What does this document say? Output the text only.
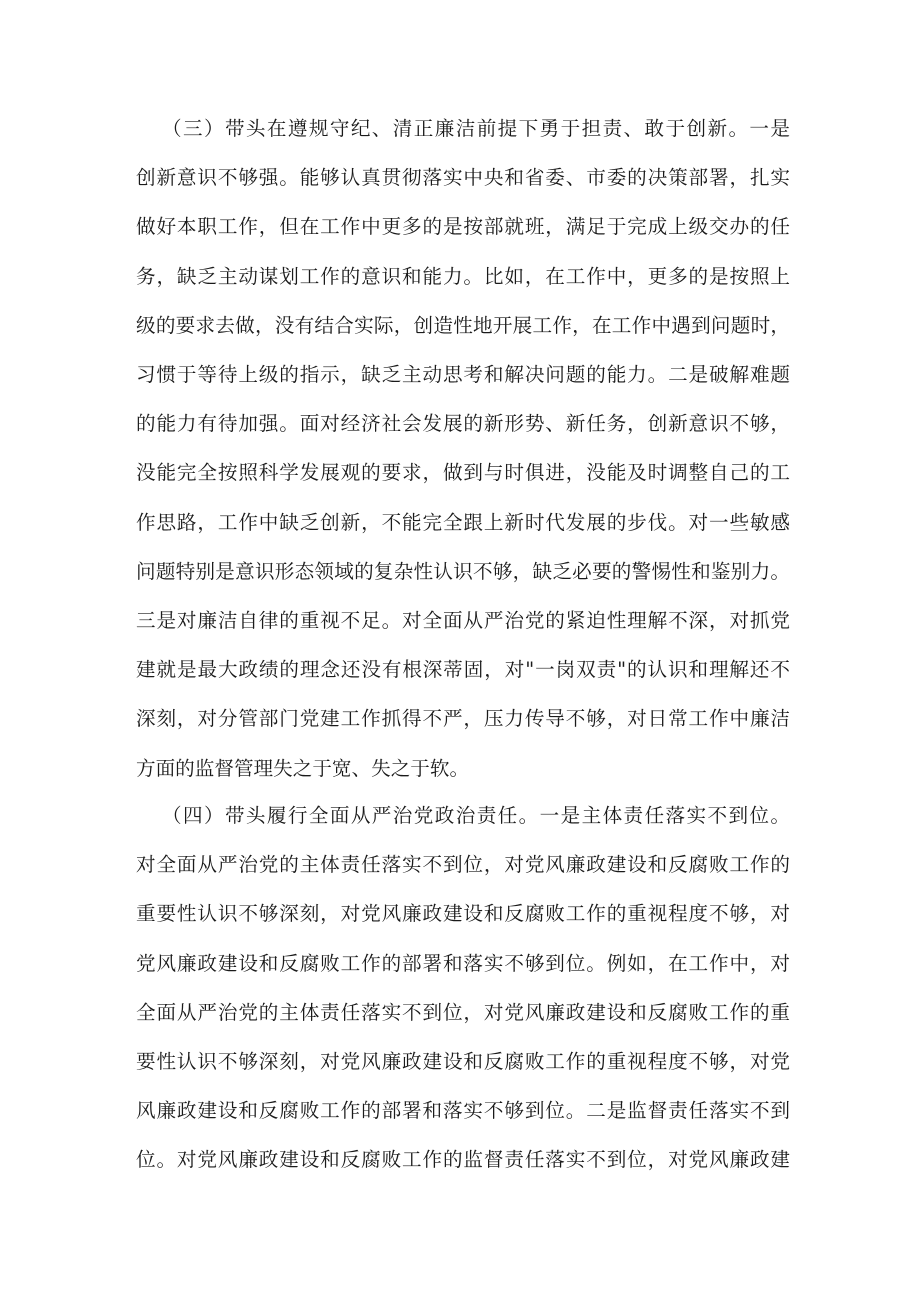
（三）带头在遵规守纪、清正廉洁前提下勇于担责、敢于创新。一是
创新意识不够强。能够认真贯彻落实中央和省委、市委的决策部署，扎实
做好本职工作，但在工作中更多的是按部就班，满足于完成上级交办的任
务，缺乏主动谋划工作的意识和能力。比如，在工作中，更多的是按照上
级的要求去做，没有结合实际，创造性地开展工作，在工作中遇到问题时，
习惯于等待上级的指示，缺乏主动思考和解决问题的能力。二是破解难题
的能力有待加强。面对经济社会发展的新形势、新任务，创新意识不够，
没能完全按照科学发展观的要求，做到与时俱进，没能及时调整自己的工
作思路，工作中缺乏创新，不能完全跟上新时代发展的步伐。对一些敏感
问题特别是意识形态领域的复杂性认识不够，缺乏必要的警惕性和鉴别力。
三是对廉洁自律的重视不足。对全面从严治党的紧迫性理解不深，对抓党
建就是最大政绩的理念还没有根深蒂固，对"一岗双责"的认识和理解还不
深刻，对分管部门党建工作抓得不严，压力传导不够，对日常工作中廉洁
方面的监督管理失之于宽、失之于软。
（四）带头履行全面从严治党政治责任。一是主体责任落实不到位。
对全面从严治党的主体责任落实不到位，对党风廉政建设和反腐败工作的
重要性认识不够深刻，对党风廉政建设和反腐败工作的重视程度不够，对
党风廉政建设和反腐败工作的部署和落实不够到位。例如，在工作中，对
全面从严治党的主体责任落实不到位，对党风廉政建设和反腐败工作的重
要性认识不够深刻，对党风廉政建设和反腐败工作的重视程度不够，对党
风廉政建设和反腐败工作的部署和落实不够到位。二是监督责任落实不到
位。对党风廉政建设和反腐败工作的监督责任落实不到位，对党风廉政建
